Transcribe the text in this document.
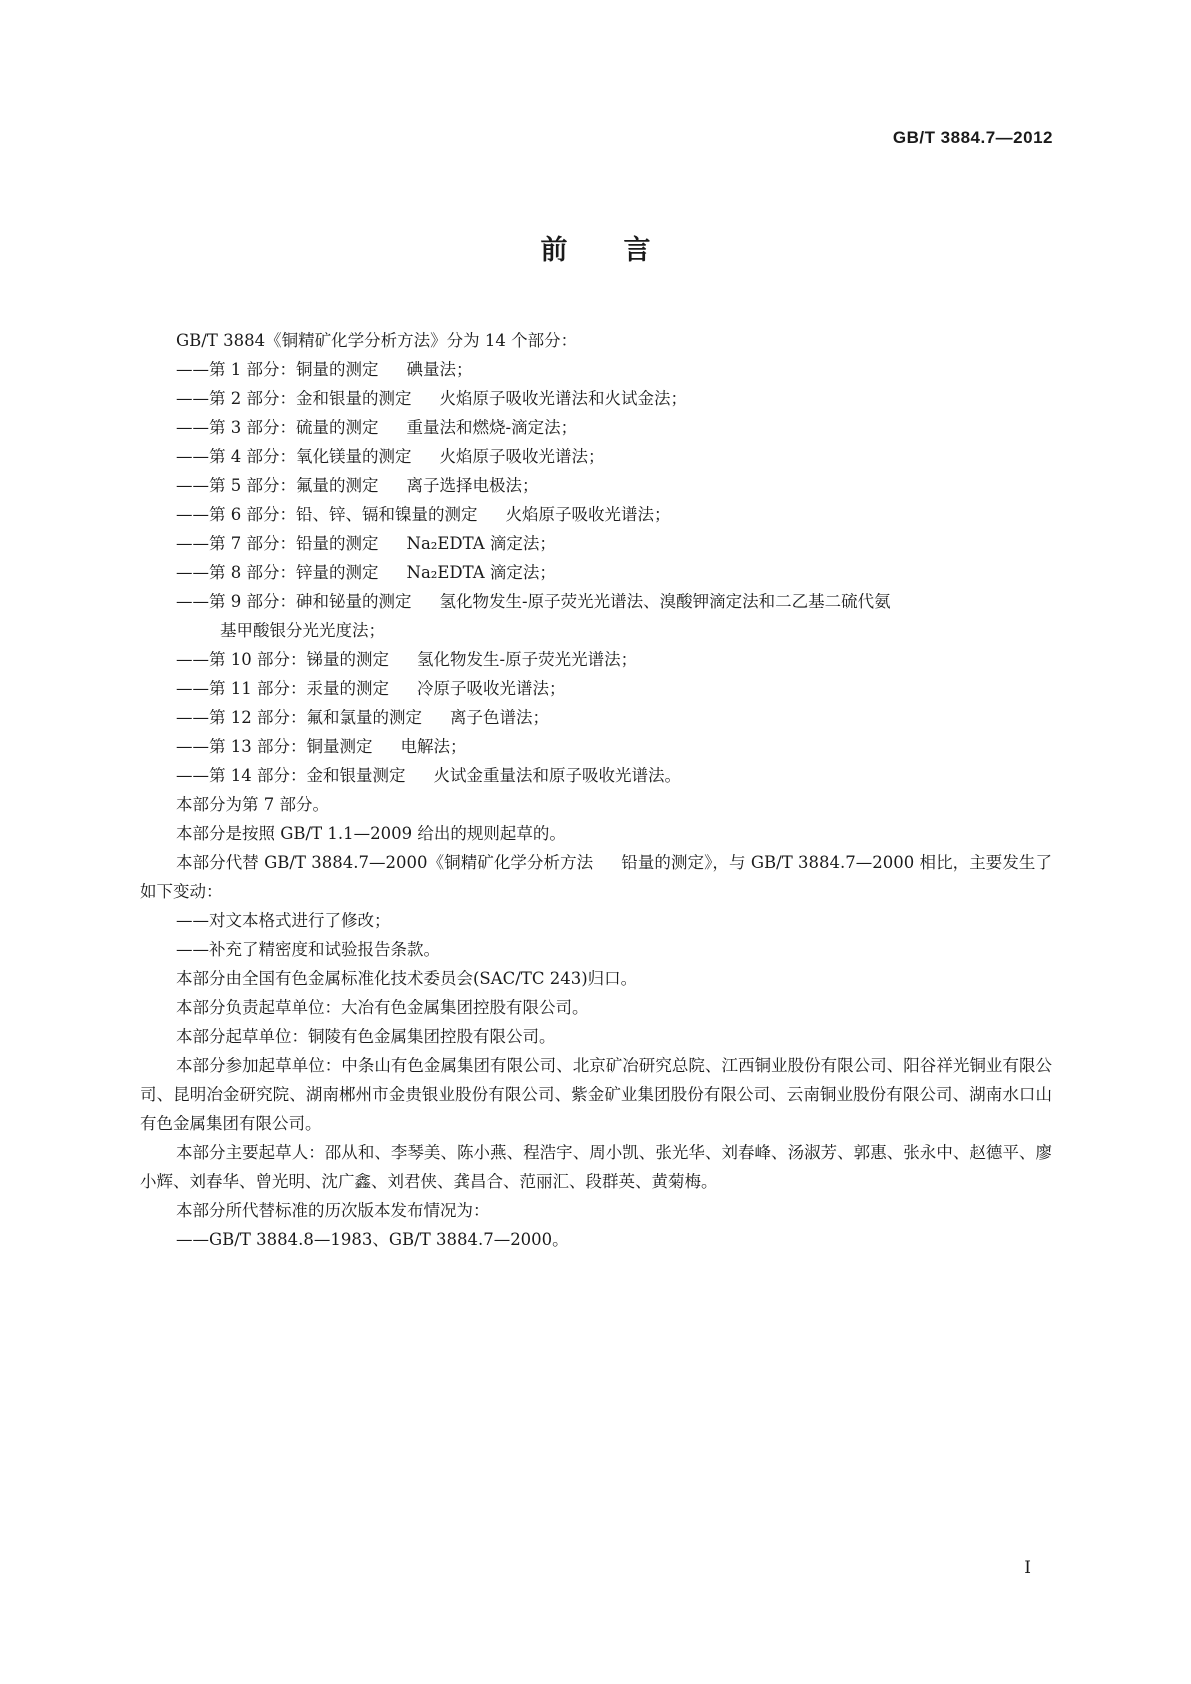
GB/T 3884.7—2012
前 言

GB/T 3884《铜精矿化学分析方法》分为 14 个部分：

——第 1 部分：铜量的测定 碘量法；

——第 2 部分：金和银量的测定 火焰原子吸收光谱法和火试金法；

——第 3 部分：硫量的测定 重量法和燃烧-滴定法；

——第 4 部分：氧化镁量的测定 火焰原子吸收光谱法；

——第 5 部分：氟量的测定 离子选择电极法；

——第 6 部分：铅、锌、镉和镍量的测定 火焰原子吸收光谱法；

——第 7 部分：铅量的测定 Na₂EDTA 滴定法；

——第 8 部分：锌量的测定 Na₂EDTA 滴定法；

——第 9 部分：砷和铋量的测定 氢化物发生-原子荧光光谱法、溴酸钾滴定法和二乙基二硫代氨
基甲酸银分光光度法；

——第 10 部分：锑量的测定 氢化物发生-原子荧光光谱法；

——第 11 部分：汞量的测定 冷原子吸收光谱法；

——第 12 部分：氟和氯量的测定 离子色谱法；

——第 13 部分：铜量测定 电解法；

——第 14 部分：金和银量测定 火试金重量法和原子吸收光谱法。

本部分为第 7 部分。

本部分是按照 GB/T 1.1—2009 给出的规则起草的。

本部分代替 GB/T 3884.7—2000《铜精矿化学分析方法 铅量的测定》，与 GB/T 3884.7—2000 相比，主要发生了如下变动：

——对文本格式进行了修改；

——补充了精密度和试验报告条款。

本部分由全国有色金属标准化技术委员会(SAC/TC 243)归口。

本部分负责起草单位：大冶有色金属集团控股有限公司。

本部分起草单位：铜陵有色金属集团控股有限公司。

本部分参加起草单位：中条山有色金属集团有限公司、北京矿冶研究总院、江西铜业股份有限公司、阳谷祥光铜业有限公司、昆明冶金研究院、湖南郴州市金贵银业股份有限公司、紫金矿业集团股份有限公司、云南铜业股份有限公司、湖南水口山有色金属集团有限公司。

本部分主要起草人：邵从和、李琴美、陈小燕、程浩宇、周小凯、张光华、刘春峰、汤淑芳、郭惠、张永中、赵德平、廖小辉、刘春华、曾光明、沈广鑫、刘君侠、龚昌合、范丽汇、段群英、黄菊梅。

本部分所代替标准的历次版本发布情况为：

——GB/T 3884.8—1983、GB/T 3884.7—2000。

I
